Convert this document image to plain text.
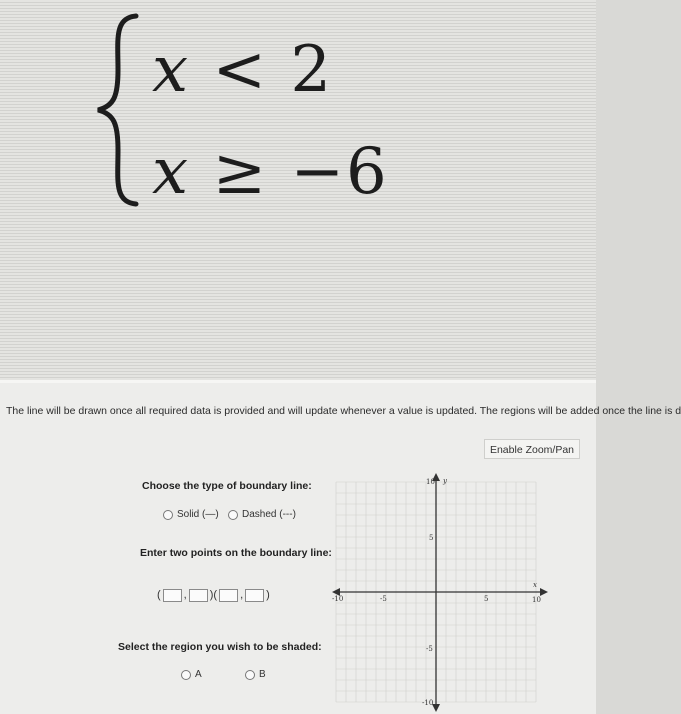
x < 2
x ≥ −6
The line will be drawn once all required data is provided and will update whenever a value is updated. The regions will be added once the line is d
Enable Zoom/Pan
Choose the type of boundary line:
Solid (—) Dashed (---)
Enter two points on the boundary line:
( , )( , )
Select the region you wish to be shaded:
A	B
x
y
-10	-5	5	10
10
5
-5
-10
